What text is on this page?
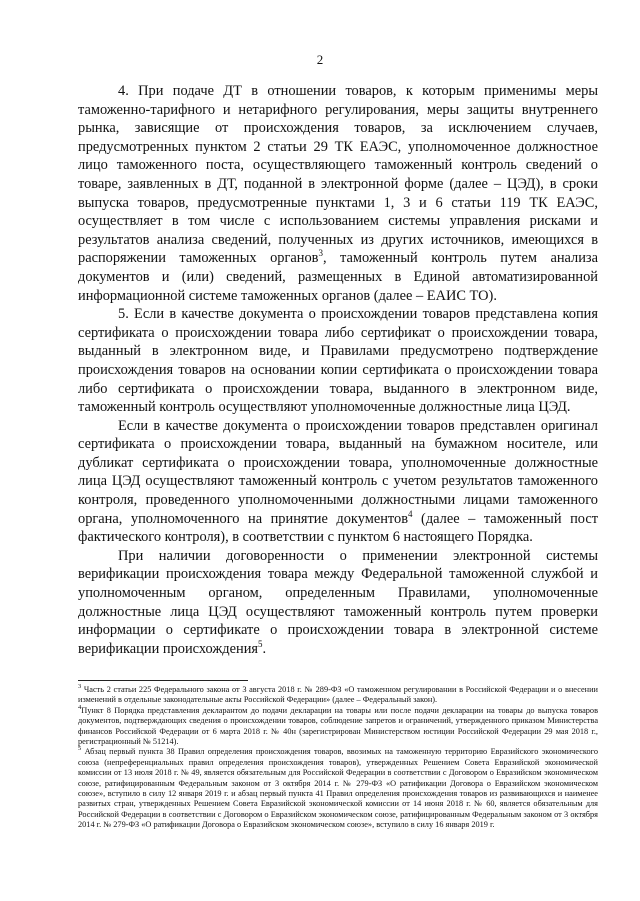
2

4. При подаче ДТ в отношении товаров, к которым применимы меры таможенно-тарифного и нетарифного регулирования, меры защиты внутреннего рынка, зависящие от происхождения товаров, за исключением случаев, предусмотренных пунктом 2 статьи 29 ТК ЕАЭС, уполномоченное должностное лицо таможенного поста, осуществляющего таможенный контроль сведений о товаре, заявленных в ДТ, поданной в электронной форме (далее – ЦЭД), в сроки выпуска товаров, предусмотренные пунктами 1, 3 и 6 статьи 119 ТК ЕАЭС, осуществляет в том числе с использованием системы управления рисками и результатов анализа сведений, полученных из других источников, имеющихся в распоряжении таможенных органов$^3$, таможенный контроль путем анализа документов и (или) сведений, размещенных в Единой автоматизированной информационной системе таможенных органов (далее – ЕАИС ТО).

5. Если в качестве документа о происхождении товаров представлена копия сертификата о происхождении товара либо сертификат о происхождении товара, выданный в электронном виде, и Правилами предусмотрено подтверждение происхождения товаров на основании копии сертификата о происхождении товара либо сертификата о происхождении товара, выданного в электронном виде, таможенный контроль осуществляют уполномоченные должностные лица ЦЭД.

Если в качестве документа о происхождении товаров представлен оригинал сертификата о происхождении товара, выданный на бумажном носителе, или дубликат сертификата о происхождении товара, уполномоченные должностные лица ЦЭД осуществляют таможенный контроль с учетом результатов таможенного контроля, проведенного уполномоченными должностными лицами таможенного органа, уполномоченного на принятие документов$^4$ (далее – таможенный пост фактического контроля), в соответствии с пунктом 6 настоящего Порядка.

При наличии договоренности о применении электронной системы верификации происхождения товара между Федеральной таможенной службой и уполномоченным органом, определенным Правилами, уполномоченные должностные лица ЦЭД осуществляют таможенный контроль путем проверки информации о сертификате о происхождении товара в электронной системе верификации происхождения$^5$.

$^3$ Часть 2 статьи 225 Федерального закона от 3 августа 2018 г. № 289-ФЗ «О таможенном регулировании в Российской Федерации и о внесении изменений в отдельные законодательные акты Российской Федерации» (далее – Федеральный закон).

$^4$Пункт 8 Порядка представления декларантом до подачи декларации на товары или после подачи декларации на товары до выпуска товаров документов, подтверждающих сведения о происхождении товаров, соблюдение запретов и ограничений, утвержденного приказом Министерства финансов Российской Федерации от 6 марта 2018 г. № 40н (зарегистрирован Министерством юстиции Российской Федерации 29 мая 2018 г., регистрационный № 51214).

$^5$ Абзац первый пункта 38 Правил определения происхождения товаров, ввозимых на таможенную территорию Евразийского экономического союза (непреференциальных правил определения происхождения товаров), утвержденных Решением Совета Евразийской экономической комиссии от 13 июля 2018 г. № 49, является обязательным для Российской Федерации в соответствии с Договором о Евразийском экономическом союзе, ратифицированным Федеральным законом от 3 октября 2014 г. № 279-ФЗ «О ратификации Договора о Евразийском экономическом союзе», вступило в силу 12 января 2019 г. и абзац первый пункта 41 Правил определения происхождения товаров из развивающихся и наименее развитых стран, утвержденных Решением Совета Евразийской экономической комиссии от 14 июня 2018 г. № 60, является обязательным для Российской Федерации в соответствии с Договором о Евразийском экономическом союзе, ратифицированным Федеральным законом от 3 октября 2014 г. № 279-ФЗ «О ратификации Договора о Евразийском экономическом союзе», вступило в силу 16 января 2019 г.
